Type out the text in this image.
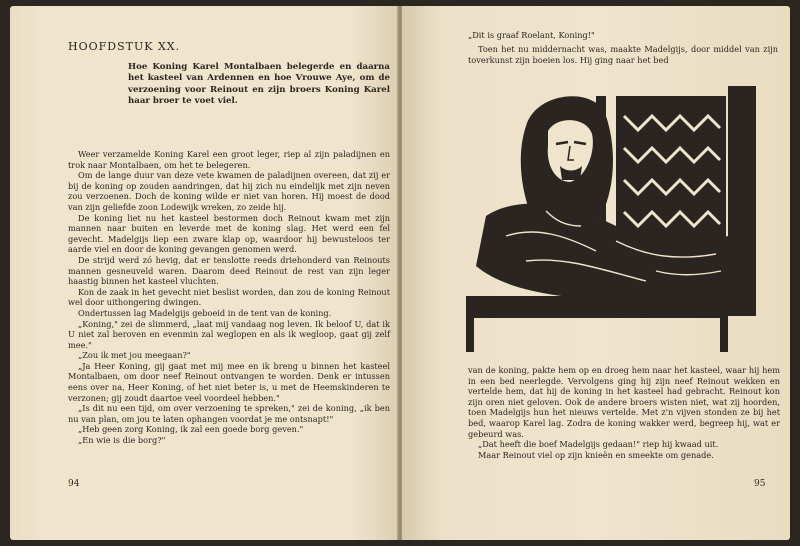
HOOFDSTUK XX.
Hoe Koning Karel Montalbaen belegerde en daarna het kasteel van Ardennen en hoe Vrouwe Aye, om de verzoening voor Reinout en zijn broers Koning Karel haar broer te voet viel.

Weer verzamelde Koning Karel een groot leger, riep al zijn paladijnen en trok naar Montalbaen, om het te belegeren.

Om de lange duur van deze vete kwamen de paladijnen overeen, dat zij er bij de koning op zouden aandringen, dat hij zich nu eindelijk met zijn neven zou verzoenen. Doch de koning wilde er niet van horen. Hij moest de dood van zijn geliefde zoon Lodewijk wreken, zo zeide hij.

De koning liet nu het kasteel bestormen doch Reinout kwam met zijn mannen naar buiten en leverde met de koning slag. Het werd een fel gevecht. Madelgijs liep een zware klap op, waardoor hij bewusteloos ter aarde viel en door de koning gevangen genomen werd.

De strijd werd zó hevig, dat er tenslotte reeds driehonderd van Reinouts mannen gesneuveld waren. Daarom deed Reinout de rest van zijn leger haastig binnen het kasteel vluchten.

Kon de zaak in het gevecht niet beslist worden, dan zou de koning Reinout wel door uithongering dwingen.

Ondertussen lag Madelgijs geboeid in de tent van de koning.

„Koning," zei de slimmerd, „laat mij vandaag nog leven. Ik beloof U, dat ik U niet zal beroven en evenmin zal weglopen en als ik wegloop, gaat gij zelf mee."

„Zou ik met jou meegaan?"

„Ja Heer Koning, gij gaat met mij mee en ik breng u binnen het kasteel Montalbaen, om door neef Reinout ontvangen te worden. Denk er intussen eens over na, Heer Koning, of het niet beter is, u met de Heemskinderen te verzonen; gij zoudt daartoe veel voordeel hebben."

„Is dit nu een tijd, om over verzoening te spreken," zei de koning, „ik ben nu van plan, om jou te laten ophangen voordat je me ontsnapt!"

„Heb geen zorg Koning, ik zal een goede borg geven."

„En wie is die borg?"

94
„Dit is graaf Roelant, Koning!"
Toen het nu middernacht was, maakte Madelgijs, door middel van zijn toverkunst zijn boeien los. Hij ging naar het bed

van de koning, pakte hem op en droeg hem naar het kasteel, waar hij hem in een bed neerlegde. Vervolgens ging hij zijn neef Reinout wekken en vertelde hem, dat hij de koning in het kasteel had gebracht. Reinout kon zijn oren niet geloven. Ook de andere broers wisten niet, wat zij hoorden, toen Madelgijs hun het nieuws vertelde. Met z'n vijven stonden ze bij het bed, waarop Karel lag. Zodra de koning wakker werd, begreep hij, wat er gebeurd was.

„Dat heeft die boef Madelgijs gedaan!" riep hij kwaad uit.

Maar Reinout viel op zijn knieën en smeekte om genade.

95
